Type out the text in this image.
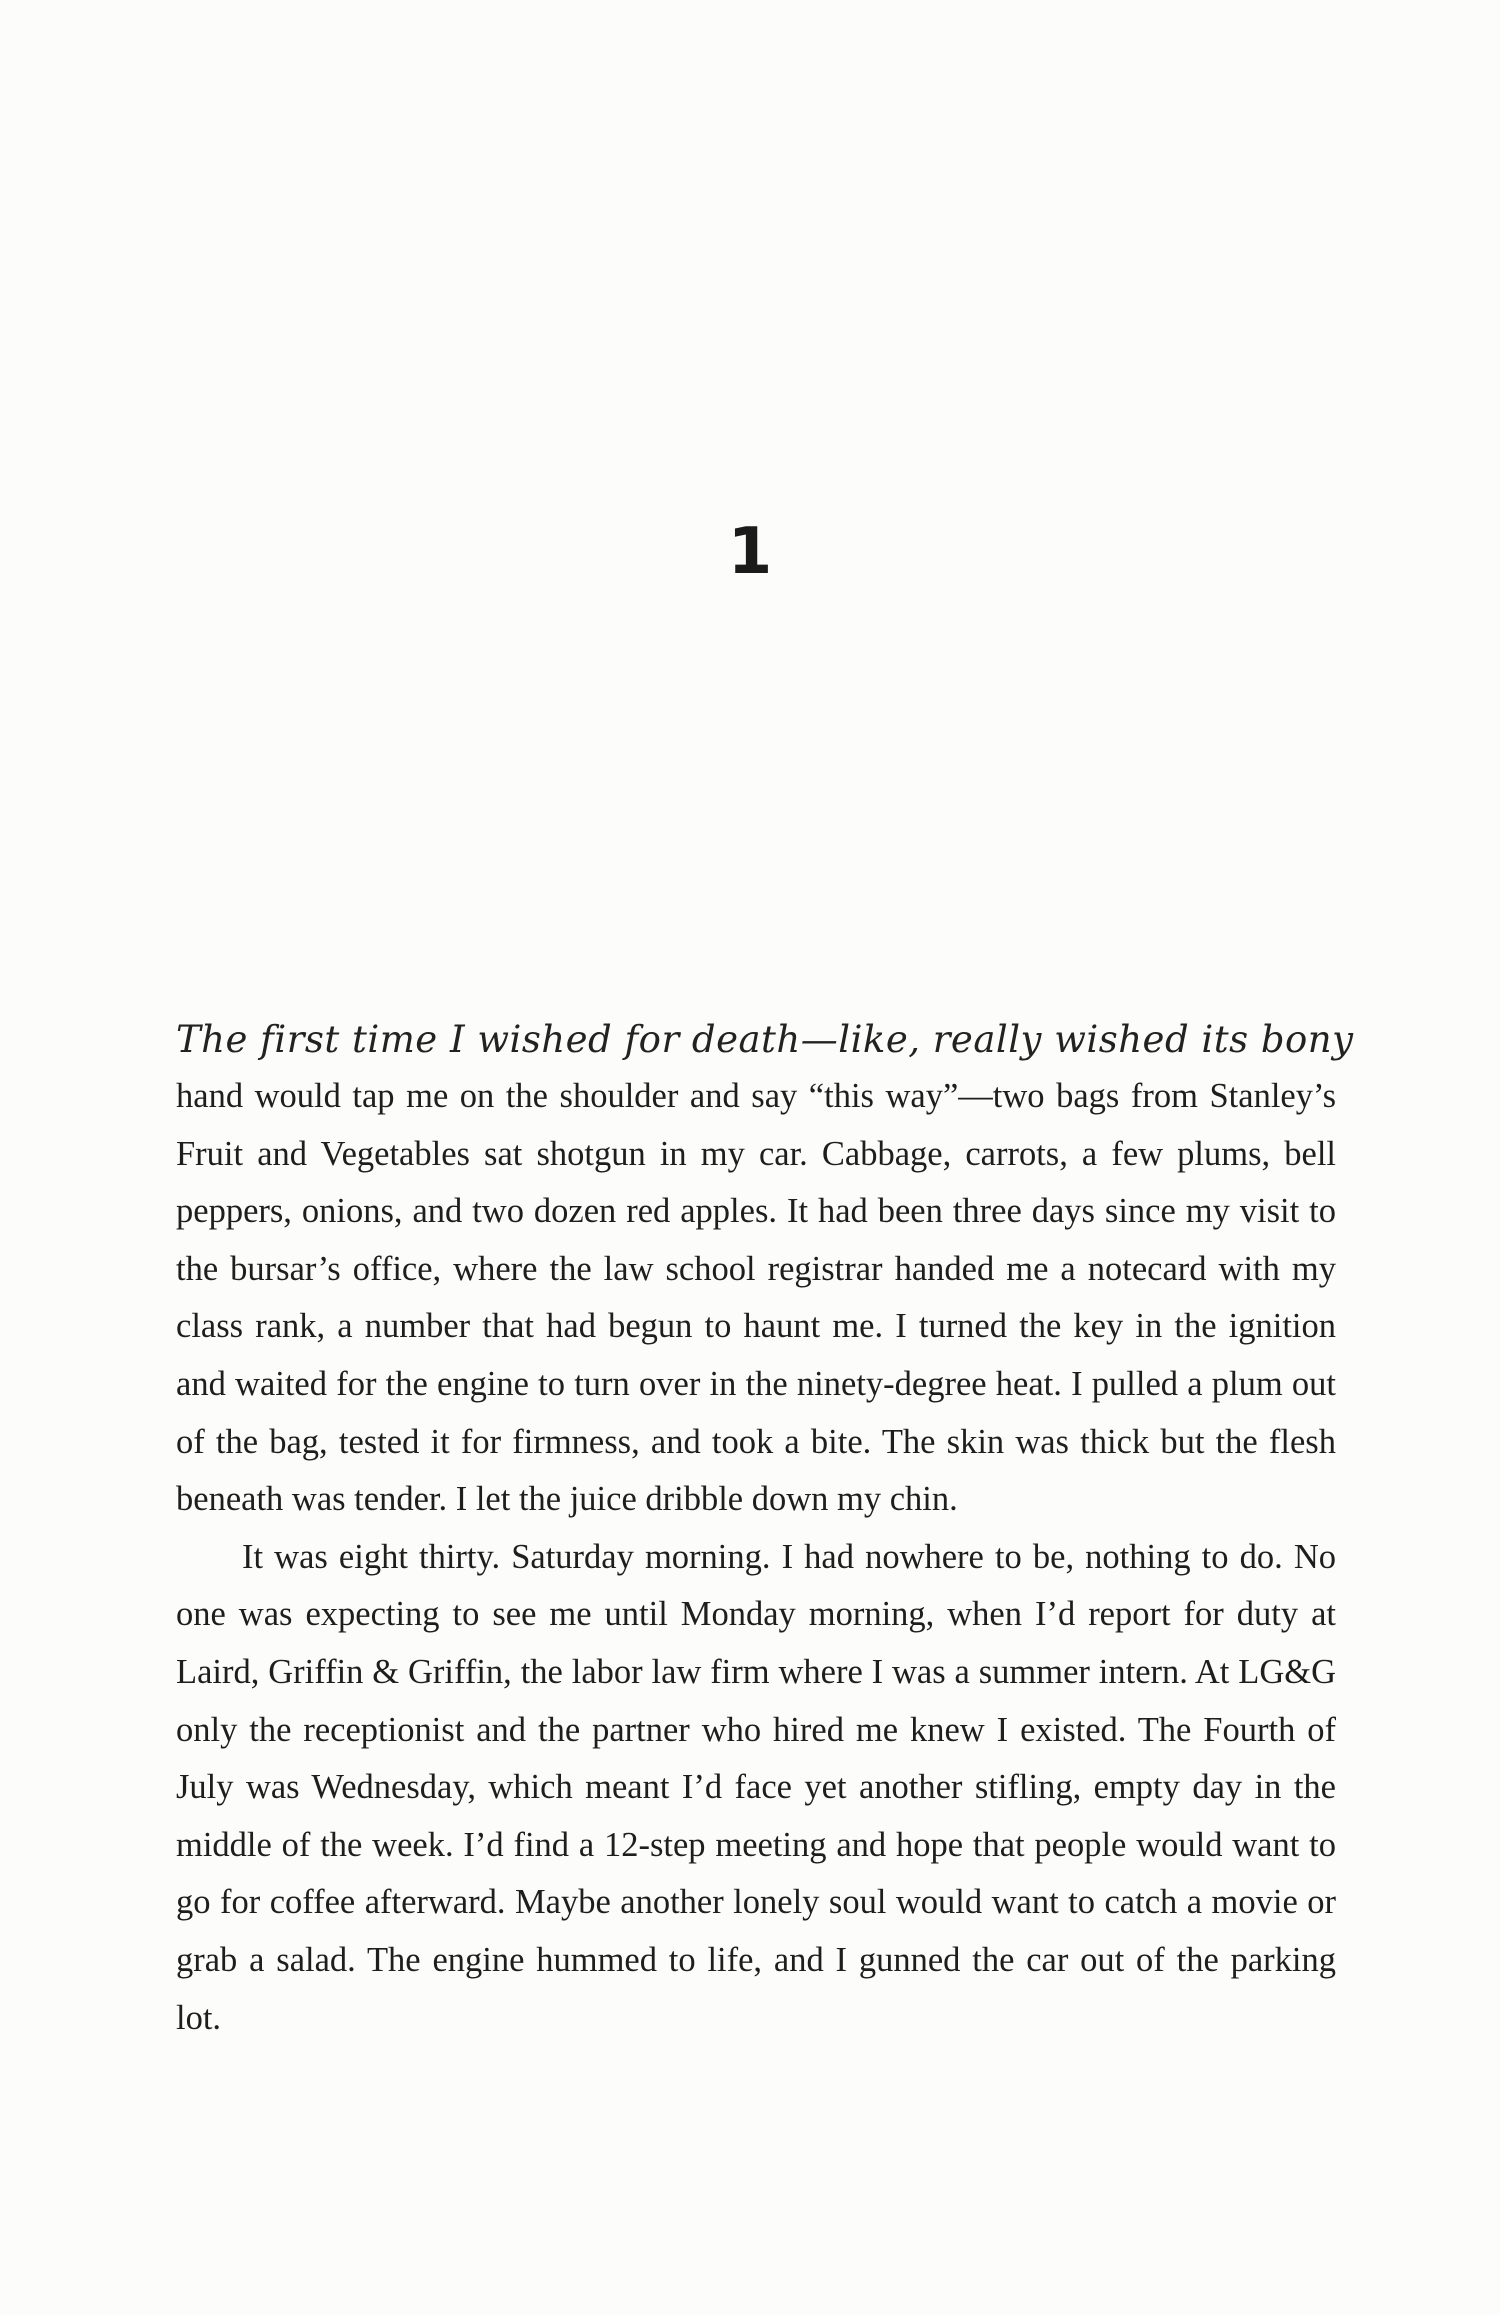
1
The first time I wished for death—like, really wished its bony

hand would tap me on the shoulder and say “this way”—two bags from Stanley’s Fruit and Vegetables sat shotgun in my car. Cabbage, carrots, a few plums, bell peppers, onions, and two dozen red apples. It had been three days since my visit to the bursar’s office, where the law school registrar handed me a notecard with my class rank, a number that had begun to haunt me. I turned the key in the ignition and waited for the engine to turn over in the ninety-degree heat. I pulled a plum out of the bag, tested it for firmness, and took a bite. The skin was thick but the flesh beneath was tender. I let the juice dribble down my chin.

It was eight thirty. Saturday morning. I had nowhere to be, nothing to do. No one was expecting to see me until Monday morning, when I’d report for duty at Laird, Griffin & Griffin, the labor law firm where I was a summer intern. At LG&G only the receptionist and the partner who hired me knew I existed. The Fourth of July was Wednesday, which meant I’d face yet another stifling, empty day in the middle of the week. I’d find a 12-step meeting and hope that people would want to go for coffee afterward. Maybe another lonely soul would want to catch a movie or grab a salad. The engine hummed to life, and I gunned the car out of the parking lot.
